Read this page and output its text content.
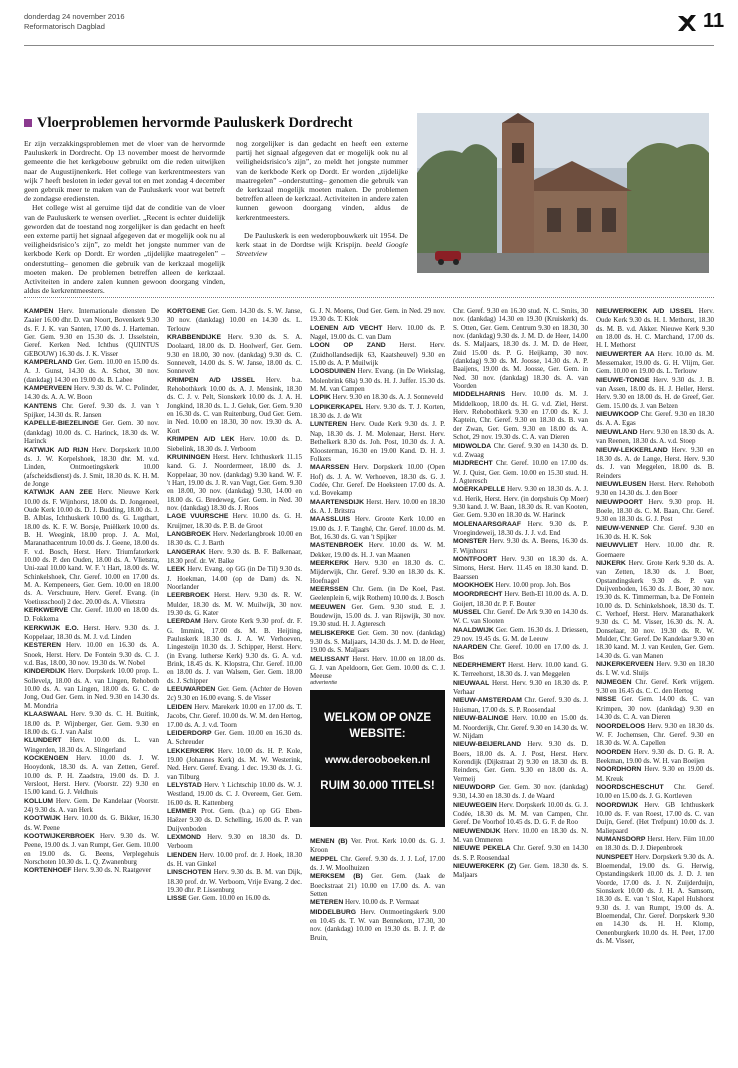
donderdag 24 november 2016
Reformatorisch Dagblad	11
Vloerproblemen hervormde Pauluskerk Dordrecht

Er zijn verzakkingsproblemen met de vloer van de hervormde Pauluskerk in Dordrecht. Op 13 november moest de hervormde gemeente die het kerkgebouw gebruikt om die reden uitwijken naar de Augustijnenkerk. Het college van kerkrentmeesters van wijk 7 heeft besloten in ieder geval tot en met zondag 4 december geen gebruik meer te maken van de Pauluskerk voor wat betreft de zondagse erediensten.

Het college wist al geruime tijd dat de conditie van de vloer van de Pauluskerk te wensen overliet. „Recent is echter duidelijk geworden dat de toestand nog zorgelijker is dan gedacht en heeft een externe partij het signaal afgegeven dat er mogelijk ook nu al veiligheidsrisico’s zijn”, zo meldt het jongste nummer van de kerkbode Kerk op Dordt. Er worden „tijdelijke maatregelen” –onderstutting– genomen die gebruik van de kerkzaal mogelijk moeten maken. De problemen betreffen alleen de kerkzaal. Activiteiten in andere zalen kunnen gewoon doorgang vinden, aldus de kerkrentmeesters.

nog zorgelijker is dan gedacht en heeft een externe partij het signaal afgegeven dat er mogelijk ook nu al veiligheidsrisico’s zijn”, zo meldt het jongste nummer van de kerkbode Kerk op Dordt. Er worden „tijdelijke maatregelen” –onderstutting– genomen die gebruik van de kerkzaal mogelijk moeten maken. De problemen betreffen alleen de kerkzaal. Activiteiten in andere zalen kunnen gewoon doorgang vinden, aldus de kerkrentmeesters.

De Pauluskerk is een wederopbouwkerk uit 1954. De kerk staat in de Dordtse wijk Krispijn. beeld Google Streetview

KAMPEN Herv. Internationale diensten De Zaaier 16.00 dhr. D. van Noort, Bovenkerk 9.30 ds. F. J. K. van Santen, 17.00 ds. J. Harteman. Ger. Gem. 9.30 en 15.30 ds. J. IJsselstein, Geref. Kerken Ned. Ichthus (QUINTUS GEBOUW) 16.30 ds. J. K. Visser

KAMPERLAND Ger. Gem. 10.00 en 15.00 ds. A. J. Gunst, 14.30 ds. A. Schot, 30 nov. (dankdag) 14.30 en 19.00 ds. B. Labee

KAMPERVEEN Herv. 9.30 ds. W. C. Polinder, 14.30 ds. A. A. W. Boon

KANTENS Chr. Geref. 9.30 ds. J. van 't Spijker, 14.30 ds. R. Jansen

KAPELLE-BIEZELINGE Ger. Gem. 30 nov. (dankdag) 10.00 ds. C. Harinck, 18.30 ds. W. Harinck

KATWIJK A/D RIJN Herv. Dorpskerk 10.00 ds. J. W. Korpelshoek, 18.30 dhr. M. v.d. Linden, Ontmoetingskerk 10.00 (afscheidsdienst) ds. J. Smit, 18.30 ds. K. H. M. de Jonge

KATWIJK AAN ZEE Herv. Nieuwe Kerk 10.00 ds. F. Wijnhorst, 18.00 ds. D. Jongeneel, Oude Kerk 10.00 ds. D. J. Budding, 18.00 ds. J. B. Alblas, Ichthuskerk 10.00 ds. G. Lugthart, 18.00 ds. K. F. W. Borsje, Pniëlkerk 10.00 ds. B. H. Weegink, 18.00 prop. J. A. Mol, Maranathacentrum 10.00 ds. J. Geene, 18.00 ds. F. v.d. Bosch, Herst. Herv. Triumfatorkerk 10.00 ds. P. den Ouden, 18.00 ds. A. Vlietstra, Uni-zaal 10.00 kand. W. F. 't Hart, 18.00 ds. W. Schinkelshoek, Chr. Geref. 10.00 en 17.00 ds. M. A. Kempeneers, Ger. Gem. 10.00 en 18.00 ds. A. Verschuure, Herv. Geref. Evang. (in Voetiusschool) 2 dec. 20.00 ds. A. Vlietstra

KERKWERVE Chr. Geref. 10.00 en 18.00 ds. D. Fokkema

KERKWIJK E.O. Herst. Herv. 9.30 ds. J. Koppelaar, 18.30 ds. M. J. v.d. Linden

KESTEREN Herv. 10.00 en 16.30 ds. A. Snoek, Herst. Herv. De Fontein 9.30 ds. C. J. v.d. Bas, 18.00, 30 nov. 19.30 ds. W. Nobel

KINDERDIJK Herv. Dorpskerk 10.00 prop. L. Sollevelд, 18.00 ds. A. van Lingen, Rehoboth 10.00 ds. A. van Lingen, 18.00 ds. G. C. de Jong, Oud Ger. Gem. in Ned. 9.30 en 14.30 ds. M. Mondria

KLAASWAAL Herv. 9.30 ds. C. H. Buitink, 18.00 ds. P. Wijnberger, Ger. Gem. 9.30 en 18.00 ds. G. J. van Aalst

KLUNDERT Herv. 10.00 ds. L. van Wingerden, 18.30 ds. A. Slingerland

KOCKENGEN Herv. 10.00 ds. J. W. Hooydonk, 18.30 ds. A. van Zetten, Geref. 10.00 ds. P. H. Zaadstra, 19.00 ds. D. J. Versloot, Herst. Herv. (Voorstr. 22) 9.30 en 15.00 kand. G. J. Veldhuis

KOLLUM Herv. Gem. De Kandelaar (Voorstr. 24) 9.30 ds. A. van Herk

KOOTWIJK Herv. 10.00 ds. G. Bikker, 16.30 ds. W. Peene

KOOTWIJKERBROEK Herv. 9.30 ds. W. Peene, 19.00 ds. J. van Rumpt, Ger. Gem. 10.00 en 19.00 ds. G. Beens, Verplegehuis Norschoten 10.30 ds. L. Q. Zwanenburg

KORTENHOEF Herv. 9.30 ds. N. Raatgever

KORTGENE Ger. Gem. 14.30 ds. S. W. Janse, 30 nov. (dankdag) 10.00 en 14.30 ds. L. Terlouw

KRABBENDIJKE Herv. 9.30 ds. S. A. Doolaard, 18.00 ds. D. Hoolwerf, Ger. Gem. 9.30 en 18.00, 30 nov. (dankdag) 9.30 ds. C. Sonnevelt, 14.00 ds. S. W. Janse, 18.00 ds. C. Sonnevelt

KRIMPEN A/D IJSSEL Herv. b.a. Rehobothkerk 10.00 ds. A. J. Mensink, 18.30 ds. C. J. v. Pelt, Sionskerk 10.00 ds. J. A. H. Jongkind, 18.30 ds. L. J. Geluk, Ger. Gem. 9.30 en 16.30 ds. C. van Ruitenburg, Oud Ger. Gem. in Ned. 10.00 en 18.30, 30 nov. 19.30 ds. A. Kort

KRIMPEN A/D LEK Herv. 10.00 ds. D. Siebelink, 18.30 ds. J. Verboom

KRUININGEN Herst. Herv. Ichthuskerk 11.15 kand. G. J. Noordermeer, 18.00 ds. J. Koppelaar, 30 nov. (dankdag) 9.30 kand. W. F. 't Hart, 19.00 ds. J. R. van Vugt, Ger. Gem. 9.30 en 18.00, 30 nov. (dankdag) 9.30, 14.00 en 18.00 ds. G. Bredeweg, Ger. Gem. in Ned. 30 nov. (dankdag) 18.30 ds. J. Roos

LAGE VUURSCHE Herv. 10.00 ds. G. H. Kruijmer, 18.30 ds. P. B. de Groot

LANGBROEK Herv. Nederlangbroek 10.00 en 18.30 ds. C. J. Barth

LANGERAK Herv. 9.30 ds. B. F. Balkenaar, 18.30 prof. dr. W. Balke

LEEK Herv. Evang. op GG (in De Til) 9.30 ds. J. Hoekman, 14.00 (op de Dam) ds. N. Noorlander

LEERBROEK Herst. Herv. 9.30 ds. R. W. Mulder, 18.30 ds. M. W. Muilwijk, 30 nov. 19.30 ds. G. Kater

LEERDAM Herv. Grote Kerk 9.30 prof. dr. F. G. Immink, 17.00 ds. M. B. Heijting, Pauluskerk 18.30 ds. J. A. W. Verhoeven, Lingesteijn 10.30 ds. J. Schipper, Herst. Herv. (in Evang. lutherse Kerk) 9.30 ds. G. A. v.d. Brink, 18.45 ds. K. Klopstra, Chr. Geref. 10.00 en 18.00 ds. J. van Walsem, Ger. Gem. 18.00 ds. J. Schipper

LEEUWARDEN Ger. Gem. (Achter de Hoven 2c) 9.30 en 16.00 evang. S. de Visser

LEIDEN Herv. Marekerk 10.00 en 17.00 ds. T. Jacobs, Chr. Geref. 10.00 ds. W. M. den Hertog, 17.00 ds. A. J. v.d. Toorn

LEIDERDORP Ger. Gem. 10.00 en 16.30 ds. A. Schreuder

LEKKERKERK Herv. 10.00 ds. H. P. Kole, 19.00 (Johannes Kerk) ds. M. W. Westerink, Ned. Herv. Geref. Evang. 1 dec. 19.30 ds. J. G. van Tilburg

LELYSTAD Herv. 't Lichtschip 10.00 ds. W. J. Westland, 19.00 ds. C. J. Overeem, Ger. Gem. 16.00 ds. R. Kattenberg

LEMMER Prot. Gem. (b.a.) op GG Eben-Haëzer 9.30 ds. D. Schelling, 16.00 ds. P. van Duijvenboden

LEXMOND Herv. 9.30 en 18.30 ds. D. Verboom

LIENDEN Herv. 10.00 prof. dr. J. Hoek, 18.30 ds. H. van Ginkel

LINSCHOTEN Herv. 9.30 ds. B. M. van Dijk, 18.30 prof. dr. W. Verboom, Vrije Evang. 2 dec. 19.30 dhr. P. Lissenburg

LISSE Ger. Gem. 10.00 en 16.00 ds.

MENEN (B) Ver. Prot. Kerk 10.00 ds. G. J. Kroon

MEPPEL Chr. Geref. 9.30 ds. J. J. Lof, 17.00 ds. J. W. Moolhuizen

MERKSEM (B) Ger. Gem. (Jaak de Boeckstraat 21) 10.00 en 17.00 ds. A. van Setten

METEREN Herv. 10.00 ds. P. Vermaat

MIDDELBURG Herv. Ontmoetingskerk 9.00 en 10.45 ds. T. W. van Bennekom, 17.30, 30 nov. (dankdag) 10.00 en 19.30 ds. B. J. P. de Bruin,

G. J. N. Moens, Oud Ger. Gem. in Ned. 29 nov. 19.30 ds. T. Klok

LOENEN A/D VECHT Herv. 10.00 ds. P. Nagel, 19.00 ds. C. van Dam

LOON OP ZAND Herst. Herv. (Zuidhollandsedijk 63, Kaatsheuvel) 9.30 en 15.00 ds. A. P. Muilwijk

LOOSDUINEN Herv. Evang. (in De Wiekslag, Molenbrink 68a) 9.30 ds. H. J. Juffer. 15.30 ds. M. M. van Campen

LOPIK Herv. 9.30 en 18.30 ds. A. J. Sonneveld

LOPIKERKAPEL Herv. 9.30 ds. T. J. Korten, 18.30 ds. J. de Wit

LUNTEREN Herv. Oude Kerk 9.30 ds. J. P. Nap, 18.30 ds. J. M. Molenaar, Herst. Herv. Bethelkerk 8.30 ds. Joh. Post, 10.30 ds. J. A. Kloosterman, 16.30 en 19.00 Kand. D. H. J. Folkers

MAARSSEN Herv. Dorpskerk 10.00 (Open Hof) ds. J. A. W. Verhoeven, 18.30 ds. G. J. Codée, Chr. Geref. De Hoeksteen 17.00 ds. A. v.d. Bovekamp

MAARTENSDIJK Herst. Herv. 10.00 en 18.30 ds. A. J. Britstra

MAASSLUIS Herv. Groote Kerk 10.00 en 19.00 ds. J. F. Tanghé, Chr. Geref. 10.00 ds. M. Bot, 16.30 ds. G. van 't Spijker

MASTENBROEK Herv. 10.00 ds. W. M. Dekker, 19.00 ds. H. J. van Maanen

MEERKERK Herv. 9.30 en 18.30 ds. C. Mijderwijk, Chr. Geref. 9.30 en 18.30 ds. K. Hoefnagel

MEERSSEN Chr. Gem. (in De Koel, Past. Geelenplein 6, wijk Rothem) 10.00 ds. J. Bosch

MEEUWEN Ger. Gem. 9.30 stud. E. J. Boudewijn, 15.00 ds. J. van Rijswijk, 30 nov. 19.30 stud. H. J. Agteresch

MELISKERKE Ger. Gem. 30 nov. (dankdag) 9.30 ds. S. Maljaars, 14.30 ds. J. M. D. de Heer, 19.00 ds. S. Maljaars

MELISSANT Herst. Herv. 10.00 en 18.00 ds. G. J. van Apeldoorn, Ger. Gem. 10.00 ds. C. J. Meeuse

Chr. Geref. 9.30 en 16.30 stud. N. C. Smits, 30 nov. (dankdag) 14.30 en 19.30 (Kruiskerk) ds. S. Otten, Ger. Gem. Centrum 9.30 en 18.30, 30 nov. (dankdag) 9.30 ds. J. M. D. de Heer, 14.00 ds. S. Maljaars, 18.30 ds. J. M. D. de Heer, Zuid 15.00 ds. P. G. Heijkamp, 30 nov. (dankdag) 9.30 ds. M. Joosse, 14.30 ds. A. P. Baaijens, 19.00 ds. M. Joosse, Ger. Gem. in Ned. 30 nov. (dankdag) 18.30 ds. A. van Voorden

MIDDELHARNIS Herv. 10.00 ds. M. J. Middelkoop, 18.00 ds. H. G. v.d. Ziel, Herst. Herv. Rehobothkerk 9.30 en 17.00 ds. K. J. Kaptein, Chr. Geref. 9.30 en 18.30 ds. B. van der Zwan, Ger. Gem. 9.30 en 18.00 ds. A. Schot, 29 nov. 19.30 ds. C. A. van Dieren

MIDWOLDA Chr. Geref. 9.30 en 14.30 ds. D. v.d. Zwaag

MIJDRECHT Chr. Geref. 10.00 en 17.00 ds. W. J. Quist, Ger. Gem. 10.00 en 15.30 stud. H. J. Agteresch

MOERKAPELLE Herv. 9.30 en 18.30 ds. A. J. v.d. Herik, Herst. Herv. (in dorpshuis Op Moer) 9.30 kand. J. W. Baan, 18.30 ds. R. van Kooten, Ger. Gem. 9.30 en 18.30 ds. W. Harinck

MOLENAARSGRAAF Herv. 9.30 ds. P. Vroegindeweij, 18.30 ds. J. J. v.d. End

MONSTER Herv. 9.30 ds. A. Beens, 16.30 ds. F. Wijnhorst

MONTFOORT Herv. 9.30 en 18.30 ds. A. Simons, Herst. Herv. 11.45 en 18.30 kand. D. Baarssen

MOOKHOEK Herv. 10.00 prop. Joh. Bos

MOORDRECHT Herv. Beth-El 10.00 ds. A. D. Goijert, 18.30 dr. P. F. Bouter

MUSSEL Chr. Geref. De Ark 9.30 en 14.30 ds. W. C. van Slooten

NAALDWIJK Ger. Gem. 16.30 ds. J. Driessen, 29 nov. 19.45 ds. G. M. de Leeuw

NAARDEN Chr. Geref. 10.00 en 17.00 ds. J. Bos

NEDERHEMERT Herst. Herv. 10.00 kand. G. K. Terreehorst, 18.30 ds. J. van Meggelen

NIEUWAAL Herst. Herv. 9.30 en 18.30 ds. P. Verhaar

NIEUW-AMSTERDAM Chr. Geref. 9.30 ds. J. Huisman, 17.00 ds. S. P. Roosendaal

NIEUW-BALINGE Herv. 10.00 en 15.00 ds. M. Noorderijk, Chr. Geref. 9.30 en 14.30 ds. W. W. Nijdam

NIEUW-BEIJERLAND Herv. 9.30 ds. D. Boers, 18.00 ds. A. J. Post, Herst. Herv. Korendijk (Dijkstraat 2) 9.30 en 18.30 ds. B. Reinders, Ger. Gem. 9.30 en 18.00 ds. A. Vermeij

NIEUWDORP Ger. Gem. 30 nov. (dankdag) 9.30, 14.30 en 18.30 ds. J. de Waard

NIEUWEGEIN Herv. Dorpskerk 10.00 ds. G. J. Codée, 18.30 ds. M. M. van Campen, Chr. Geref. De Voorhof 10.45 ds. D. G. F. de Roo

NIEUWENDIJK Herv. 10.00 en 18.30 ds. N. M. van Ommeren

NIEUWE PEKELA Chr. Geref. 9.30 en 14.30 ds. S. P. Roosendaal

NIEUWERKERK (Z) Ger. Gem. 18.30 ds. S. Maljaars

NIEUWERKERK A/D IJSSEL Herv. Oude Kerk 9.30 ds. H. I. Methorst, 18.30 ds. M. B. v.d. Akker. Nieuwe Kerk 9.30 en 18.00 ds. H. C. Marchand, 17.00 ds. H. I. Methorst

NIEUWERTER AA Herv. 10.00 ds. M. Messemaker, 19.00 ds. G. H. Vlijm, Ger. Gem. 10.00 en 19.00 ds. L. Terlouw

NIEUWE-TONGE Herv. 9.30 ds. J. B. van Assen, 18.00 ds. H. J. Heller, Herst. Herv. 9.30 en 18.00 ds. H. de Greef, Ger. Gem. 15.00 ds. J. van Belzen

NIEUWKOOP Chr. Geref. 9.30 en 18.30 ds. A. A. Egas

NIEUWLAND Herv. 9.30 en 18.30 ds. A. van Reenen, 18.30 ds. A. v.d. Stoep

NIEUW-LEKKERLAND Herv. 9.30 en 18.30 ds. A. de Lange, Herst. Herv. 9.30 ds. J. van Meggelen, 18.00 ds. B. Reinders

NIEUWLEUSEN Herst. Herv. Rehoboth 9.30 en 14.30 ds. J. den Boer

NIEUWPOORT Herv. 9.30 prop. H. Boele, 18.30 ds. C. M. Baan, Chr. Geref. 9.30 en 18.30 ds. G. J. Post

NIEUW-VENNEP Chr. Geref. 9.30 en 16.30 ds. H. K. Sok

NIEUWVLIET Herv. 10.00 dhr. R. Goemaere

NIJKERK Herv. Grote Kerk 9.30 ds. A. van Zetten, 18.30 ds. J. Boer, Opstandingskerk 9.30 ds. P. van Duijvenboden, 16.30 ds. J. Boer, 30 nov. 19.30 ds. K. Timmerman, b.a. De Fontein 10.00 ds. D. Schinkelshoek, 18.30 ds. T. C. Verhoef, Herst. Herv. Maranathakerk 9.30 ds. C. M. Visser, 16.30 ds. N. A. Donselaar, 30 nov. 19.30 ds. R. W. Mulder, Chr. Geref. De Kandelaar 9.30 en 18.30 kand. M. J. van Keulen, Ger. Gem. 14.30 ds. G. van Manen

NIJKERKERVEEN Herv. 9.30 en 18.30 ds. I. W. v.d. Sluijs

NIJMEGEN Chr. Geref. Kerk vrijgem. 9.30 en 16.45 ds. C. C. den Hertog

NISSE Ger. Gem. 14.00 ds. C. van Krimpen, 30 nov. (dankdag) 9.30 en 14.30 ds. C. A. van Dieren

NOORDELOOS Herv. 9.30 en 18.30 ds. W. F. Jochemsen, Chr. Geref. 9.30 en 18.30 ds. W. A. Capellen

NOORDEN Herv. 9.30 ds. D. G. R. A. Beekman, 19.00 ds. W. H. van Boeijen

NOORDHORN Herv. 9.30 en 19.00 ds. M. Kreuk

NOORDSCHESCHUT Chr. Geref. 10.00 en 15.00 ds. J. G. Kortleven

NOORDWIJK Herv. GB Ichthuskerk 10.00 ds. F. van Roest, 17.00 ds. C. van Duijn, Geref. (Het Trefpunt) 10.00 ds. J. Maliepaard

NUMANSDORP Herst. Herv. Fiim 10.00 en 18.30 ds. D. J. Diepenbroek

NUNSPEET Herv. Dorpskerk 9.30 ds. A. Bloemendal, 19.00 ds. G. Herwig, Opstandingskerk 10.00 ds. J. D. J. ten Voorde, 17.00 ds. J. N. Zuijderduijn, Sionskerk 10.00 ds. J. H. A. Samsom, 18.30 ds. E. van 't Slot, Kapel Hulshorst 9.30 ds. J. van Rumpt, 19.00 ds. A. Bloemendal, Chr. Geref. Dorpskerk 9.30 en 14.30 ds. H. H. Klomp, Oenenburgkerk 10.00 ds. H. Peet, 17.00 ds. M. Visser,

advertentie
WELKOM OP ONZE
WEBSITE:
www.derooboeken.nl
RUIM 30.000 TITELS!
